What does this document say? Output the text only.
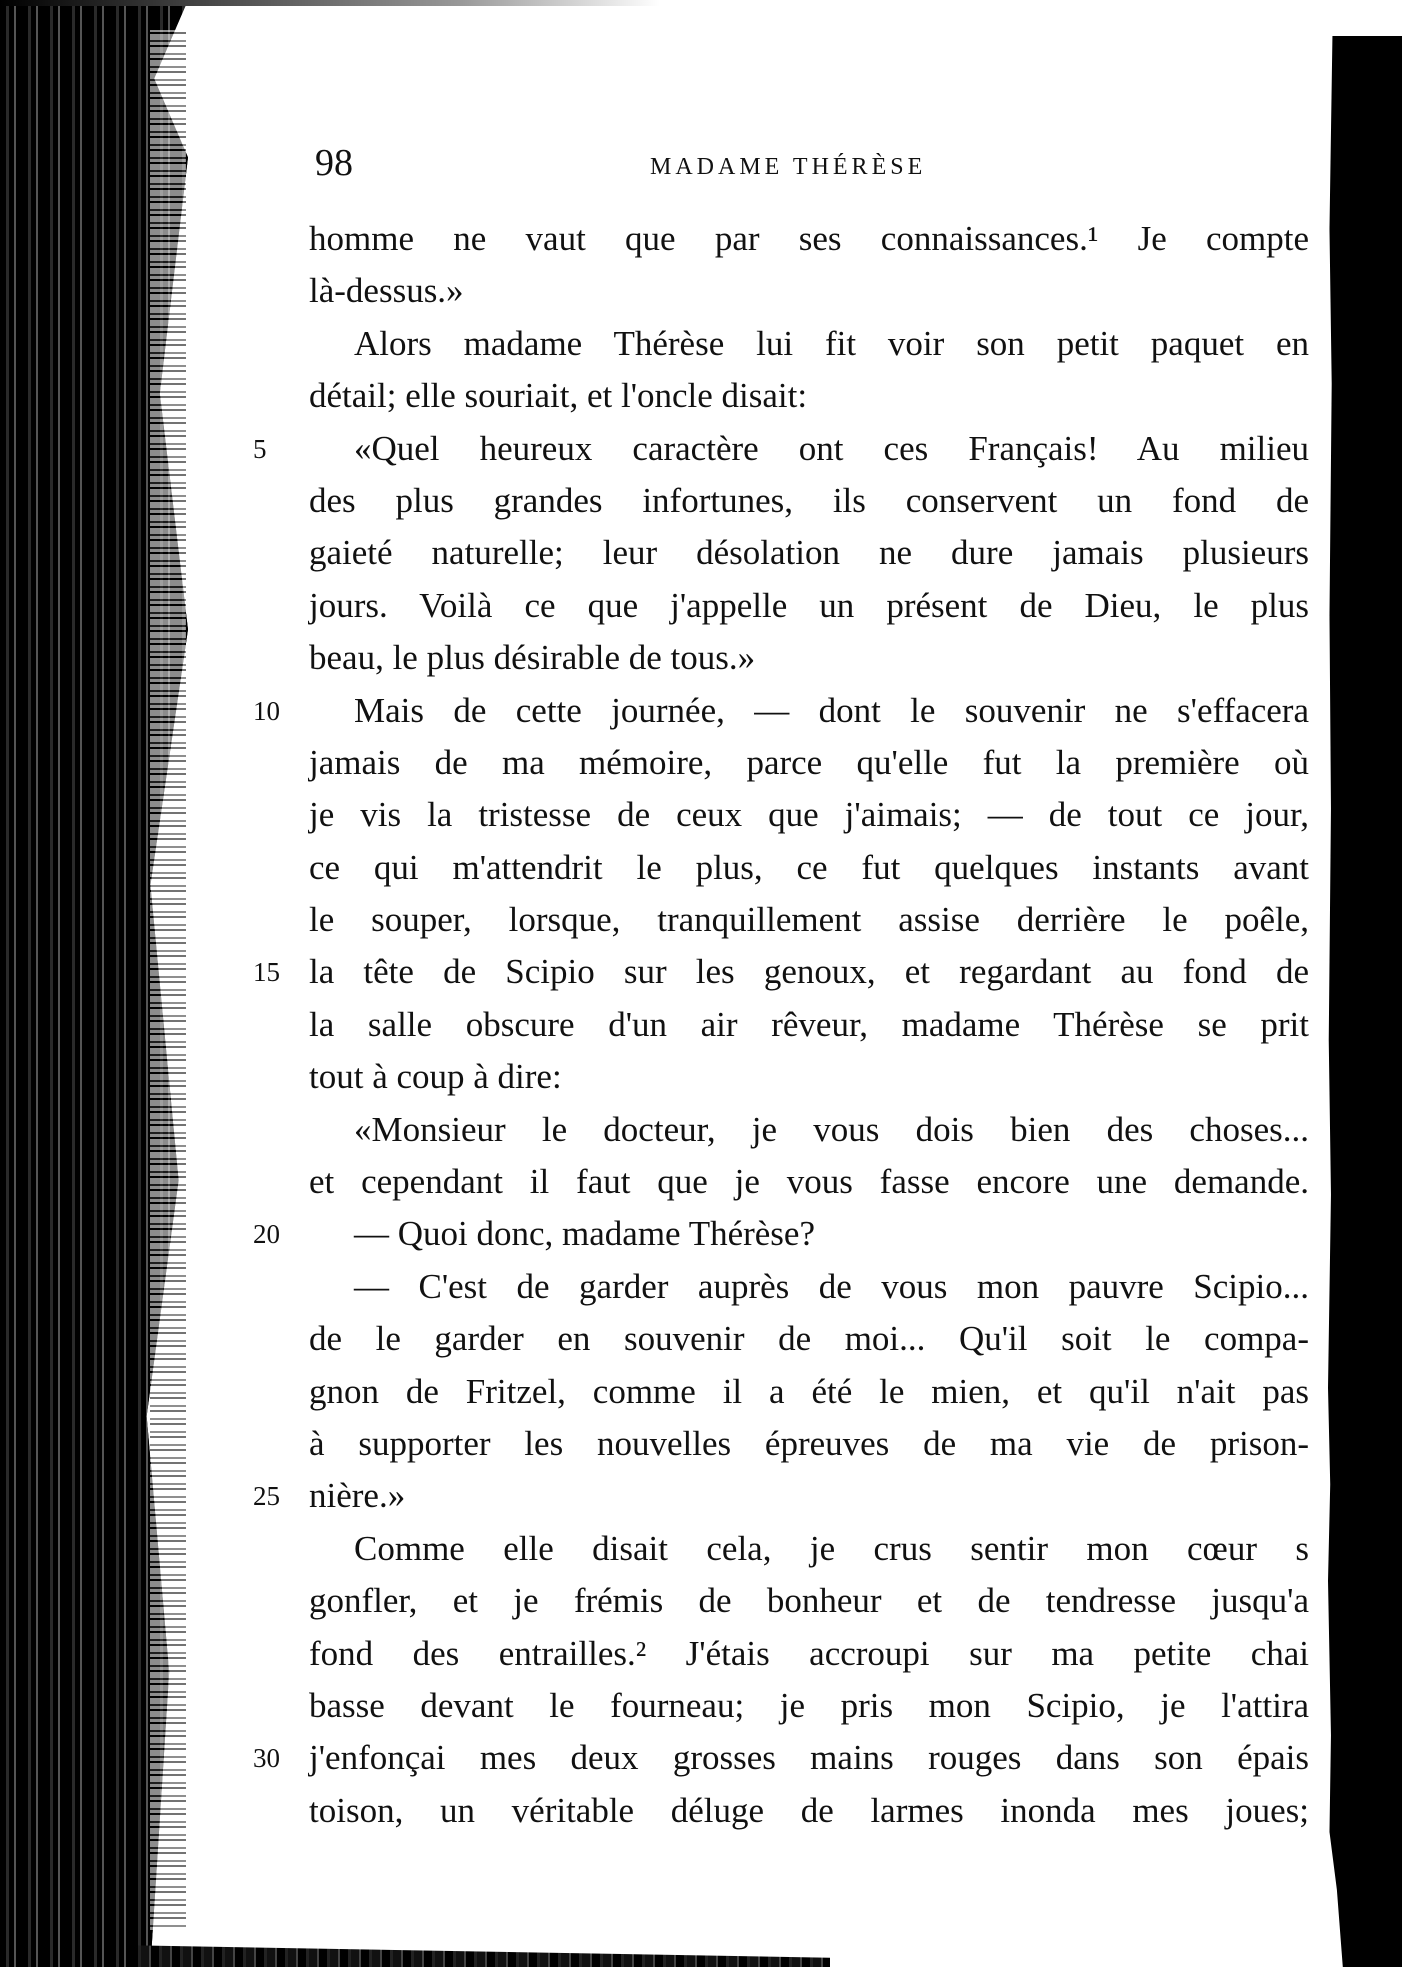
98	MADAME THÉRÈSE
homme ne vaut que par ses connaissances.¹ Je compte
là-dessus.»
Alors madame Thérèse lui fit voir son petit paquet en
détail; elle souriait, et l'oncle disait:
5	«Quel heureux caractère ont ces Français! Au milieu
des plus grandes infortunes, ils conservent un fond de
gaieté naturelle; leur désolation ne dure jamais plusieurs
jours. Voilà ce que j'appelle un présent de Dieu, le plus
beau, le plus désirable de tous.»
10 Mais de cette journée, — dont le souvenir ne s'effacera
jamais de ma mémoire, parce qu'elle fut la première où
je vis la tristesse de ceux que j'aimais; — de tout ce jour,
ce qui m'attendrit le plus, ce fut quelques instants avant
le souper, lorsque, tranquillement assise derrière le poêle,
15 la tête de Scipio sur les genoux, et regardant au fond de
la salle obscure d'un air rêveur, madame Thérèse se prit
tout à coup à dire:
«Monsieur le docteur, je vous dois bien des choses...
et cependant il faut que je vous fasse encore une demande.
20 — Quoi donc, madame Thérèse?
— C'est de garder auprès de vous mon pauvre Scipio...
de le garder en souvenir de moi... Qu'il soit le compa-
gnon de Fritzel, comme il a été le mien, et qu'il n'ait pas
à supporter les nouvelles épreuves de ma vie de prison-
25 nière.»
Comme elle disait cela, je crus sentir mon cœur s
gonfler, et je frémis de bonheur et de tendresse jusqu'a
fond des entrailles.² J'étais accroupi sur ma petite chai
basse devant le fourneau; je pris mon Scipio, je l'attira
30 j'enfonçai mes deux grosses mains rouges dans son épais
toison, un véritable déluge de larmes inonda mes joues;
